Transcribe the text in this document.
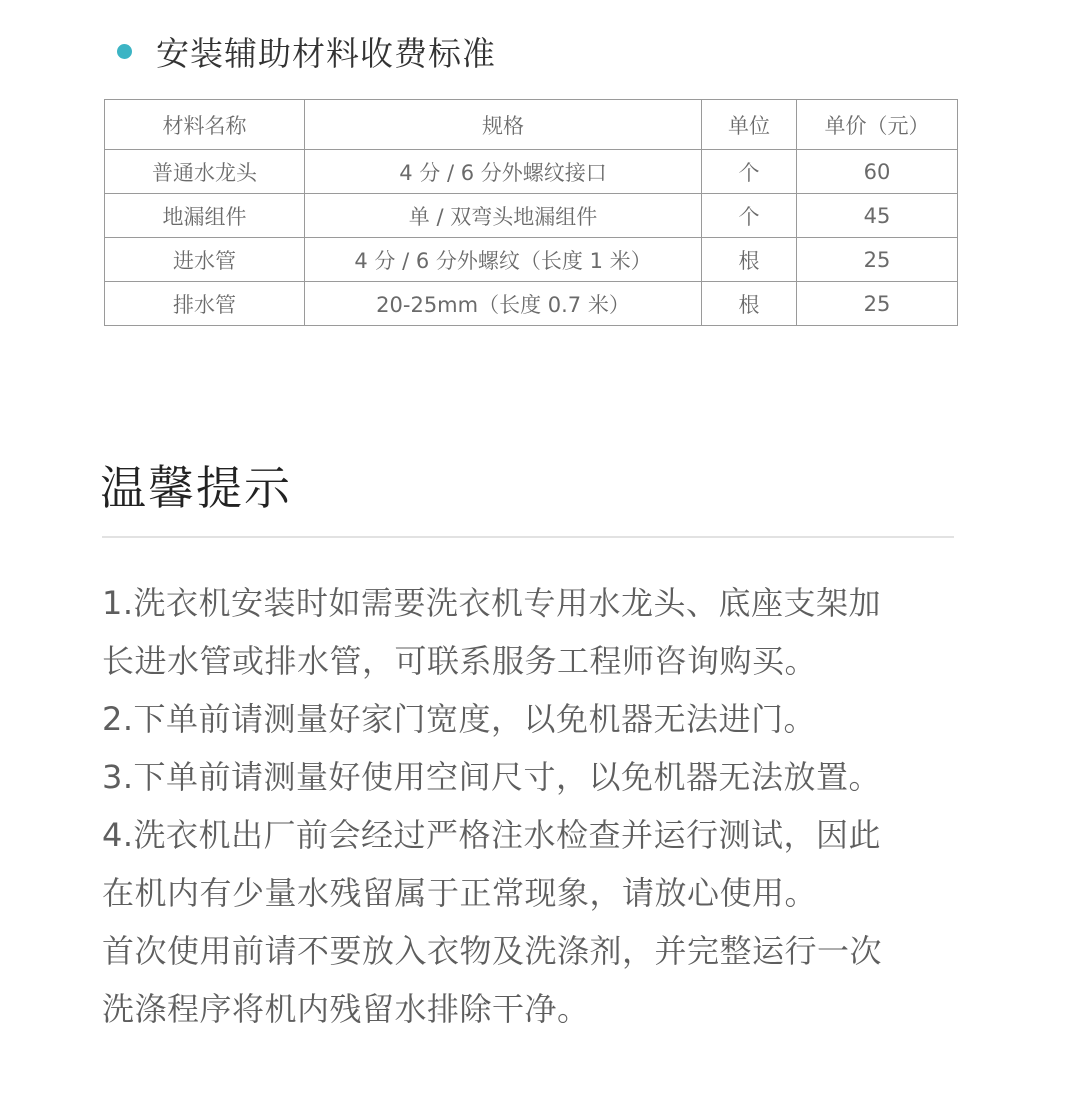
安装辅助材料收费标准
材料名称	规格	单位	单价（元）
普通水龙头	4 分 / 6 分外螺纹接口	个	60
地漏组件	单 / 双弯头地漏组件	个	45
进水管	4 分 / 6 分外螺纹（长度 1 米）	根	25
排水管	20-25mm（长度 0.7 米）	根	25
温馨提示
1.洗衣机安装时如需要洗衣机专用水龙头、底座支架加
长进水管或排水管，可联系服务工程师咨询购买。
2.下单前请测量好家门宽度，以免机器无法进门。
3.下单前请测量好使用空间尺寸，以免机器无法放置。
4.洗衣机出厂前会经过严格注水检查并运行测试，因此
在机内有少量水残留属于正常现象，请放心使用。
首次使用前请不要放入衣物及洗涤剂，并完整运行一次
洗涤程序将机内残留水排除干净。
